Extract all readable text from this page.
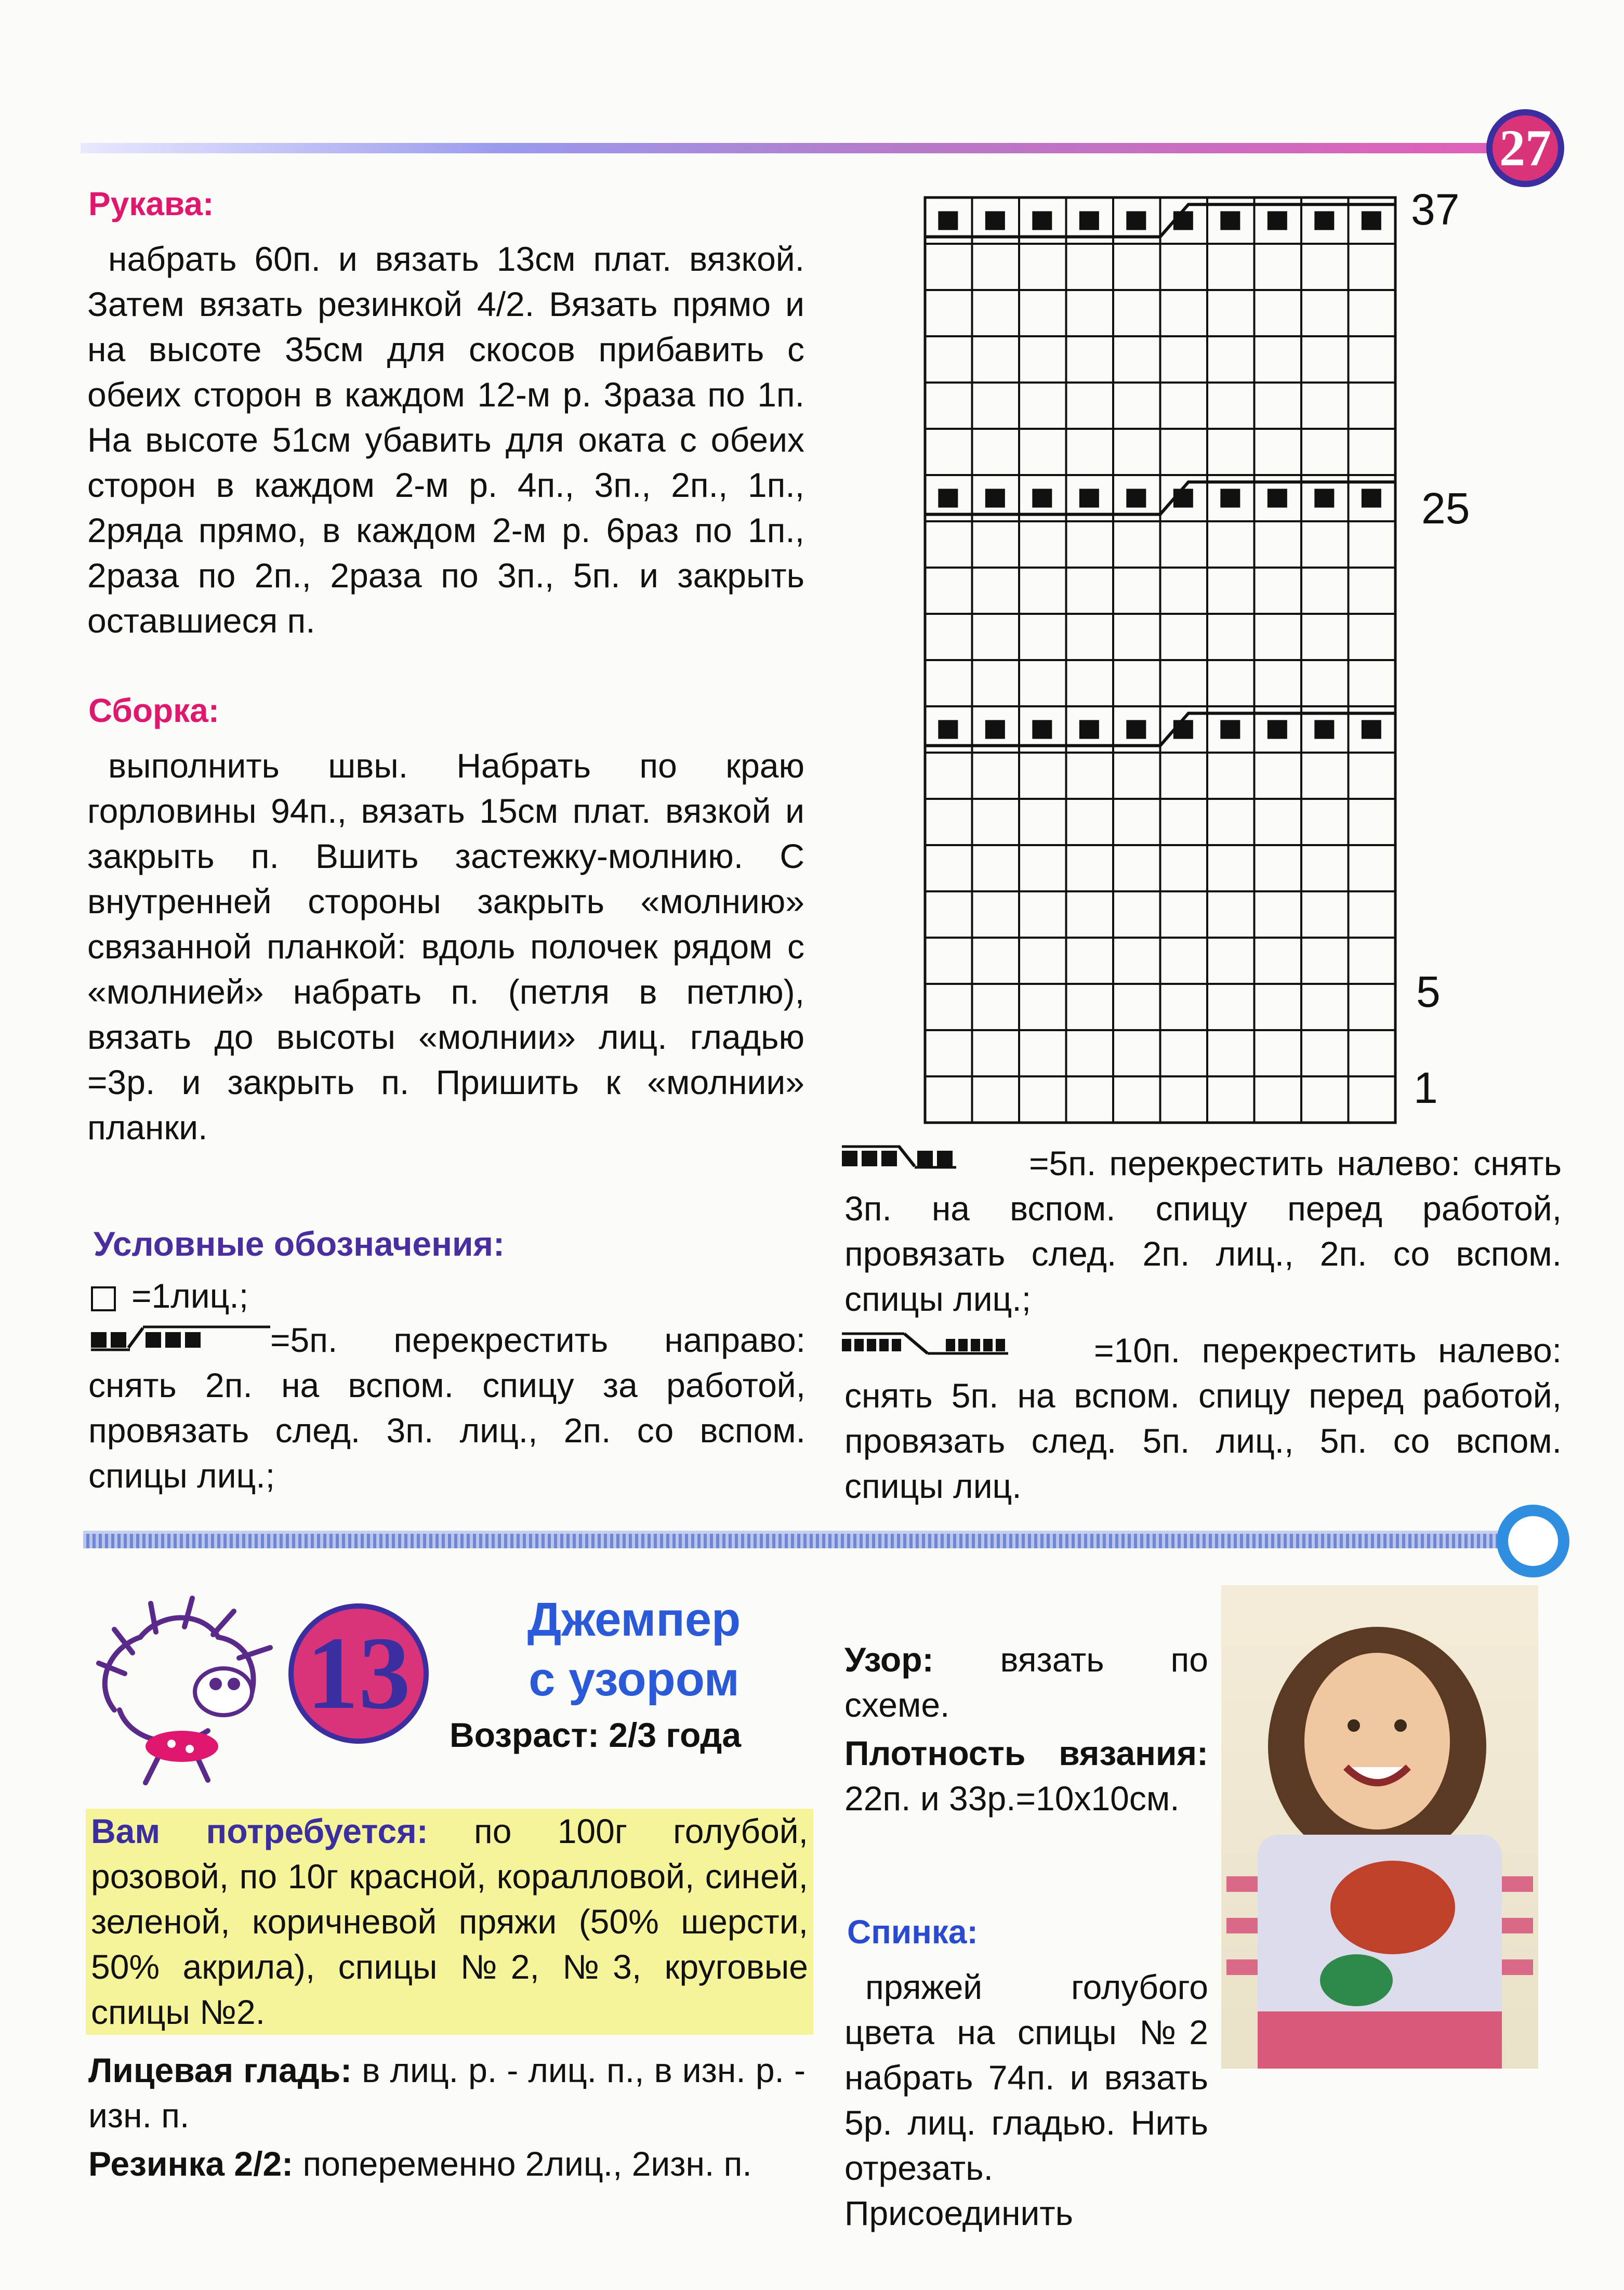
27
Рукава:
набрать 60п. и вязать 13см плат. вязкой. Затем вязать резинкой 4/2. Вязать прямо и на высоте 35см для скосов прибавить с обеих сторон в каждом 12-м р. 3раза по 1п. На высоте 51см убавить для оката с обеих сторон в каждом 2-м р. 4п., 3п., 2п., 1п., 2ряда прямо, в каждом 2-м р. 6раз по 1п., 2раза по 2п., 2раза по 3п., 5п. и закрыть оставшиеся п.
Сборка:
выполнить швы. Набрать по краю горловины 94п., вязать 15см плат. вязкой и закрыть п. Вшить застежку-молнию. С внутренней стороны закрыть «молнию» связанной планкой: вдоль полочек рядом с «молнией» набрать п. (петля в петлю), вязать до высоты «молнии» лиц. гладью =3р. и закрыть п. Пришить к «молнии» планки.
Условные обозначения:
=1лиц.;
=5п. перекрестить направо: снять 2п. на вспом. спицу за работой, провязать след. 3п. лиц., 2п. со вспом. спицы лиц.;
37
25
5
1
=5п. перекрестить налево: снять 3п. на вспом. спицу перед работой, провязать след. 2п. лиц., 2п. со вспом. спицы лиц.;
=10п. перекрестить налево: снять 5п. на вспом. спицу перед работой, провязать след. 5п. лиц., 5п. со вспом. спицы лиц.
13	Джемпер
с узором
Возраст: 2/3 года
Вам потребуется: по 100г голубой, розовой, по 10г красной, коралловой, синей, зеленой, коричневой пряжи (50% шерсти, 50% акрила), спицы №2, №3, круговые спицы №2.
Лицевая гладь: в лиц. р. - лиц. п., в изн. р. - изн. п.
Резинка 2/2: попеременно 2лиц., 2изн. п.
Узор: вязать по схеме.
Плотность вязания: 22п. и 33р.=10x10см.
Спинка:
пряжей голубого цвета на спицы №2 набрать 74п. и вязать 5р. лиц. гладью. Нить отрезать. Присоединить
